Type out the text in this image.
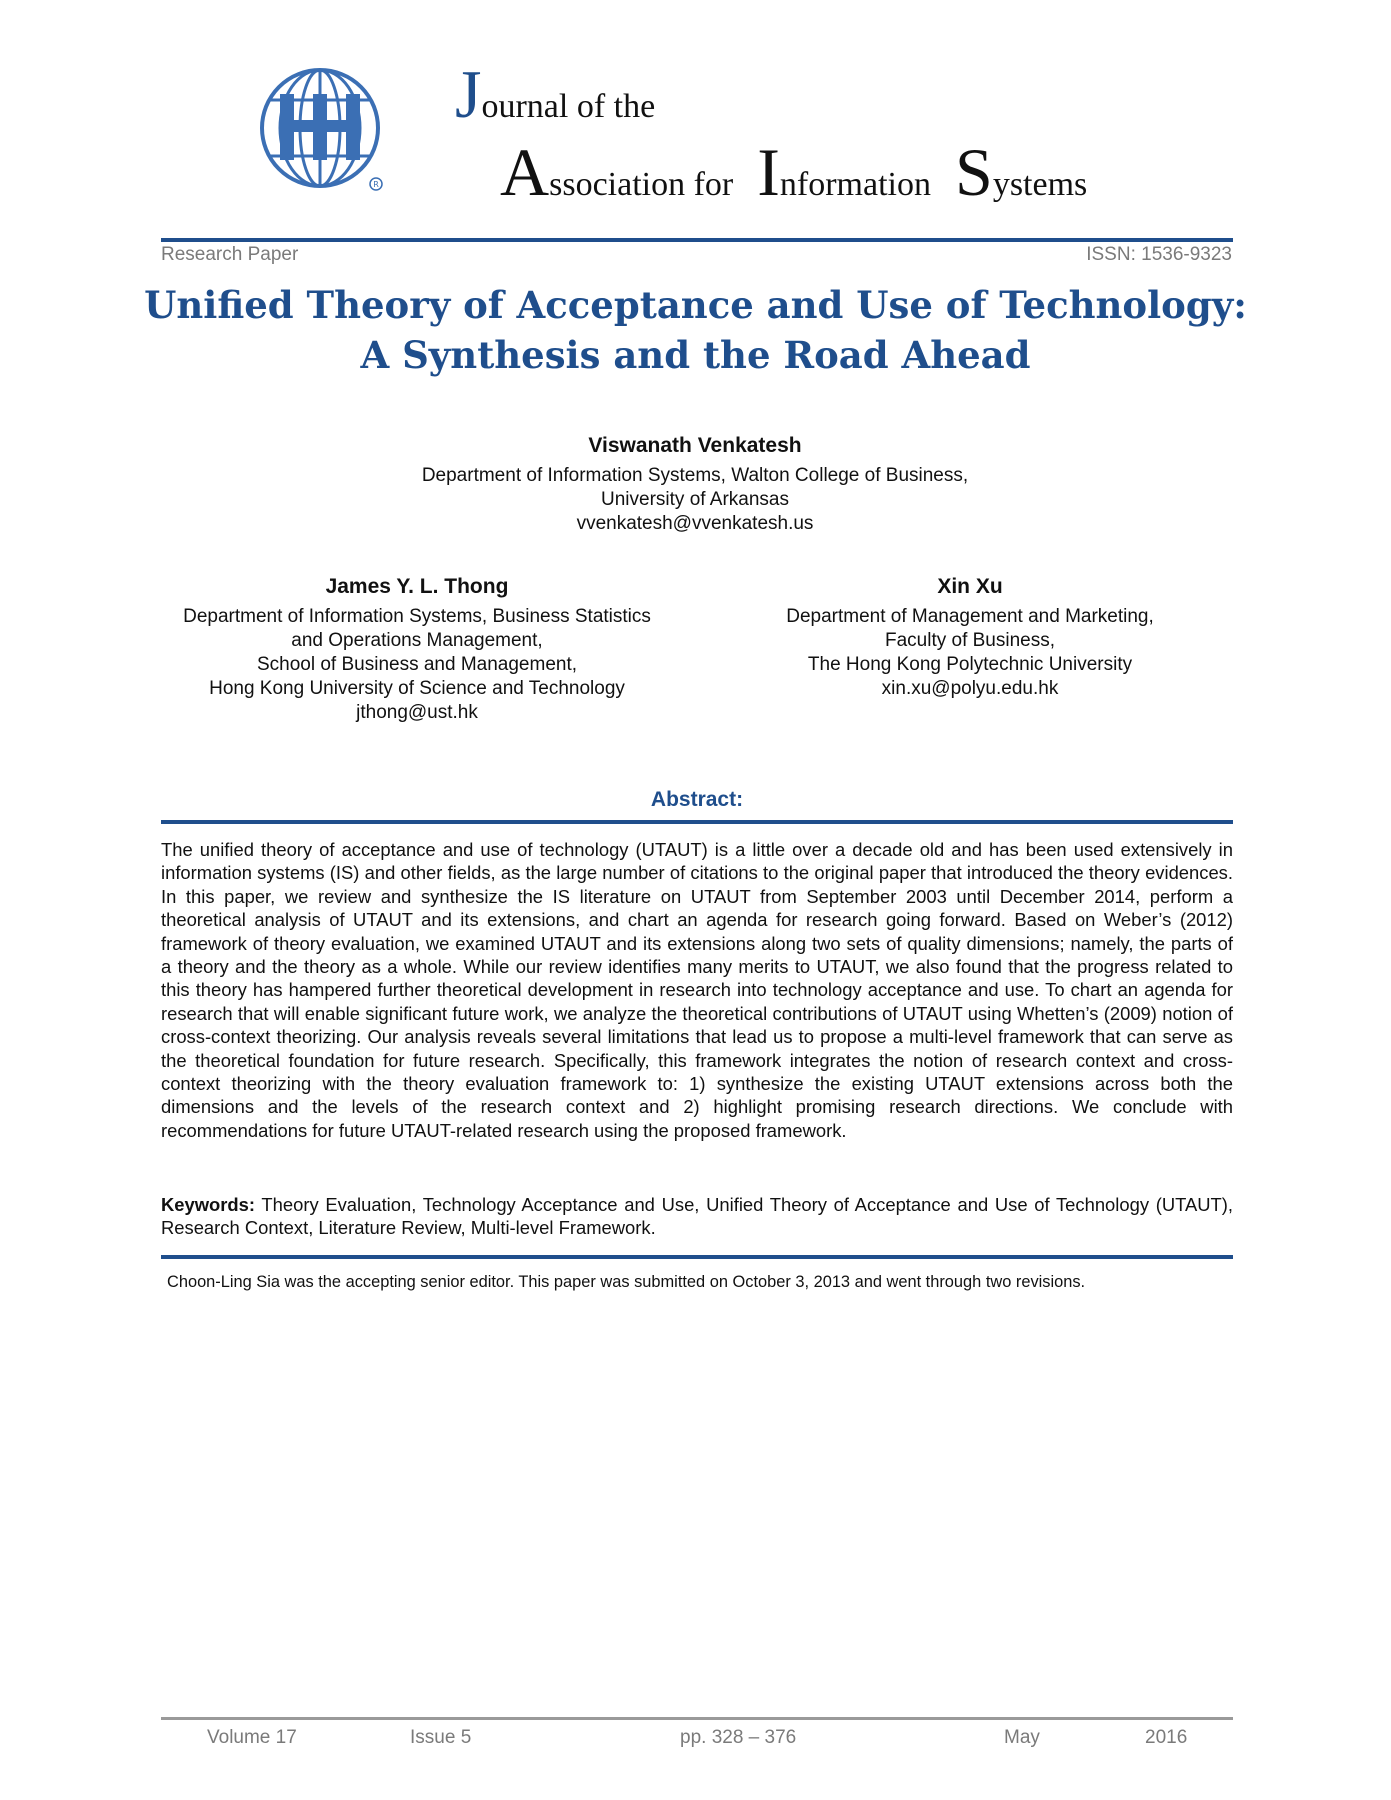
R
Journal of the
Association for Information Systems
Research Paper	ISSN: 1536-9323
Unified Theory of Acceptance and Use of Technology:
A Synthesis and the Road Ahead
Viswanath Venkatesh
Department of Information Systems, Walton College of Business,
University of Arkansas
vvenkatesh@vvenkatesh.us
James Y. L. Thong
Department of Information Systems, Business Statistics
and Operations Management,
School of Business and Management,
Hong Kong University of Science and Technology
jthong@ust.hk
Xin Xu
Department of Management and Marketing,
Faculty of Business,
The Hong Kong Polytechnic University
xin.xu@polyu.edu.hk
Abstract:
The unified theory of acceptance and use of technology (UTAUT) is a little over a decade old and has been used extensively in information systems (IS) and other fields, as the large number of citations to the original paper that introduced the theory evidences. In this paper, we review and synthesize the IS literature on UTAUT from September 2003 until December 2014, perform a theoretical analysis of UTAUT and its extensions, and chart an agenda for research going forward. Based on Weber’s (2012) framework of theory evaluation, we examined UTAUT and its extensions along two sets of quality dimensions; namely, the parts of a theory and the theory as a whole. While our review identifies many merits to UTAUT, we also found that the progress related to this theory has hampered further theoretical development in research into technology acceptance and use. To chart an agenda for research that will enable significant future work, we analyze the theoretical contributions of UTAUT using Whetten’s (2009) notion of cross-context theorizing. Our analysis reveals several limitations that lead us to propose a multi-level framework that can serve as the theoretical foundation for future research. Specifically, this framework integrates the notion of research context and cross-context theorizing with the theory evaluation framework to: 1) synthesize the existing UTAUT extensions across both the dimensions and the levels of the research context and 2) highlight promising research directions. We conclude with recommendations for future UTAUT-related research using the proposed framework.
Keywords: Theory Evaluation, Technology Acceptance and Use, Unified Theory of Acceptance and Use of Technology (UTAUT), Research Context, Literature Review, Multi-level Framework.
Choon-Ling Sia was the accepting senior editor. This paper was submitted on October 3, 2013 and went through two revisions.
Volume 17	Issue 5	pp. 328 – 376	May	2016
